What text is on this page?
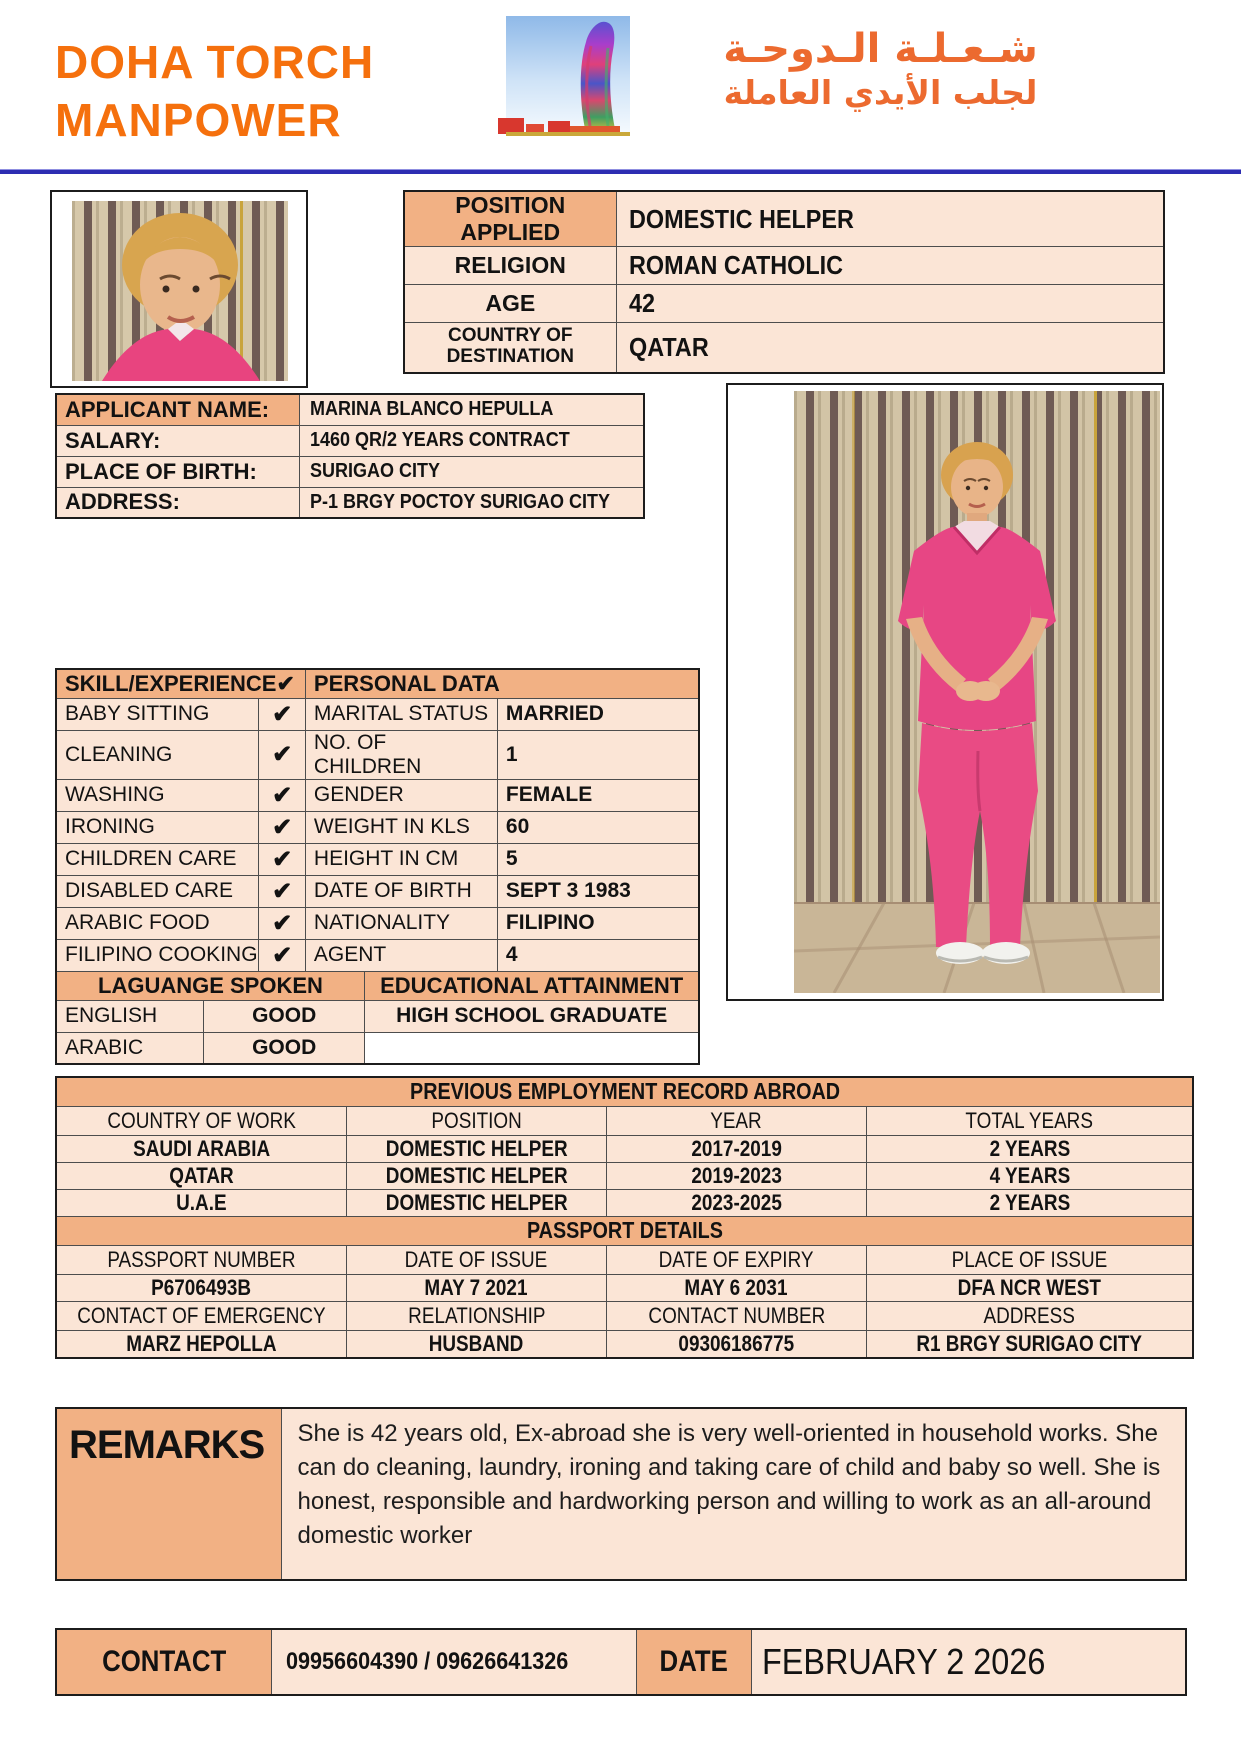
DOHA TORCH
MANPOWER
شـعـلـة الـدوحـة
لجلب الأيدي العاملة
POSITION APPLIED	DOMESTIC HELPER
RELIGION	ROMAN CATHOLIC
AGE	42
COUNTRY OF DESTINATION	QATAR
APPLICANT NAME:	MARINA BLANCO HEPULLA
SALARY:	1460 QR/2 YEARS CONTRACT
PLACE OF BIRTH:	SURIGAO CITY
ADDRESS:	P-1 BRGY POCTOY SURIGAO CITY
SKILL/EXPERIENCE ✔			PERSONAL DATA		
BABY SITTING		✔	MARITAL STATUS		MARRIED
CLEANING		✔	NO. OF CHILDREN		1
WASHING		✔	GENDER		FEMALE
IRONING		✔	WEIGHT IN KLS		60
CHILDREN CARE		✔	HEIGHT IN CM		5
DISABLED CARE		✔	DATE OF BIRTH		SEPT 3 1983
ARABIC FOOD		✔	NATIONALITY		FILIPINO
FILIPINO COOKING		✔	AGENT		4
LAGUANGE SPOKEN				EDUCATIONAL ATTAINMENT	
ENGLISH	GOOD			HIGH SCHOOL GRADUATE	
ARABIC	GOOD				
PREVIOUS EMPLOYMENT RECORD ABROAD			
COUNTRY OF WORK	POSITION	YEAR	TOTAL YEARS
SAUDI ARABIA	DOMESTIC HELPER	2017-2019	2 YEARS
QATAR	DOMESTIC HELPER	2019-2023	4 YEARS
U.A.E	DOMESTIC HELPER	2023-2025	2 YEARS
PASSPORT DETAILS			
PASSPORT NUMBER	DATE OF ISSUE	DATE OF EXPIRY	PLACE OF ISSUE
P6706493B	MAY 7 2021	MAY 6 2031	DFA NCR WEST
CONTACT OF EMERGENCY	RELATIONSHIP	CONTACT NUMBER	ADDRESS
MARZ HEPOLLA	HUSBAND	09306186775	R1 BRGY SURIGAO CITY
REMARKS	She is 42 years old, Ex-abroad she is very well-oriented in household works. She can do cleaning, laundry, ironing and taking care of child and baby so well. She is honest, responsible and hardworking person and willing to work as an all-around domestic worker
CONTACT	09956604390 / 09626641326	DATE	FEBRUARY 2 2026
